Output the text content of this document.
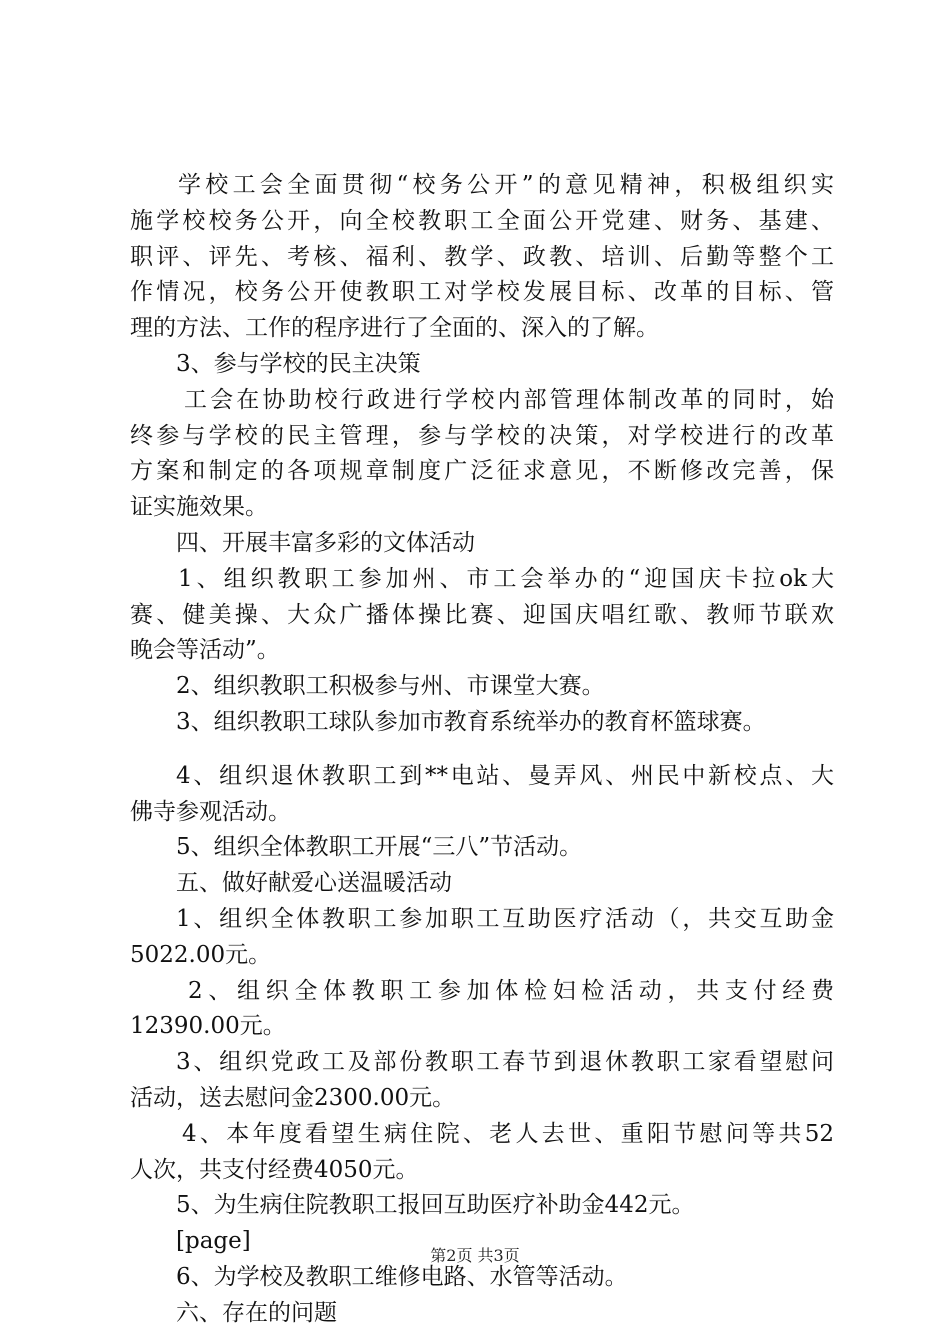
学校工会全面贯彻“校务公开”的意见精神，积极组织实
施学校校务公开，向全校教职工全面公开党建、财务、基建、
职评、评先、考核、福利、教学、政教、培训、后勤等整个工
作情况，校务公开使教职工对学校发展目标、改革的目标、管
理的方法、工作的程序进行了全面的、深入的了解。
3、参与学校的民主决策
工会在协助校行政进行学校内部管理体制改革的同时，始
终参与学校的民主管理，参与学校的决策，对学校进行的改革
方案和制定的各项规章制度广泛征求意见，不断修改完善，保
证实施效果。
四、开展丰富多彩的文体活动
1、组织教职工参加州、市工会举办的“迎国庆卡拉ok大
赛、健美操、大众广播体操比赛、迎国庆唱红歌、教师节联欢
晚会等活动”。
2、组织教职工积极参与州、市课堂大赛。
3、组织教职工球队参加市教育系统举办的教育杯篮球赛。
4、组织退休教职工到**电站、曼弄风、州民中新校点、大
佛寺参观活动。
5、组织全体教职工开展“三八”节活动。
五、做好献爱心送温暖活动
1、组织全体教职工参加职工互助医疗活动（，共交互助金
5022.00元。
2、组织全体教职工参加体检妇检活动，共支付经费
12390.00元。
3、组织党政工及部份教职工春节到退休教职工家看望慰问
活动，送去慰问金2300.00元。
4、本年度看望生病住院、老人去世、重阳节慰问等共52
人次，共支付经费4050元。
5、为生病住院教职工报回互助医疗补助金442元。
[page]
6、为学校及教职工维修电路、水管等活动。
六、存在的问题
第2页 共3页
